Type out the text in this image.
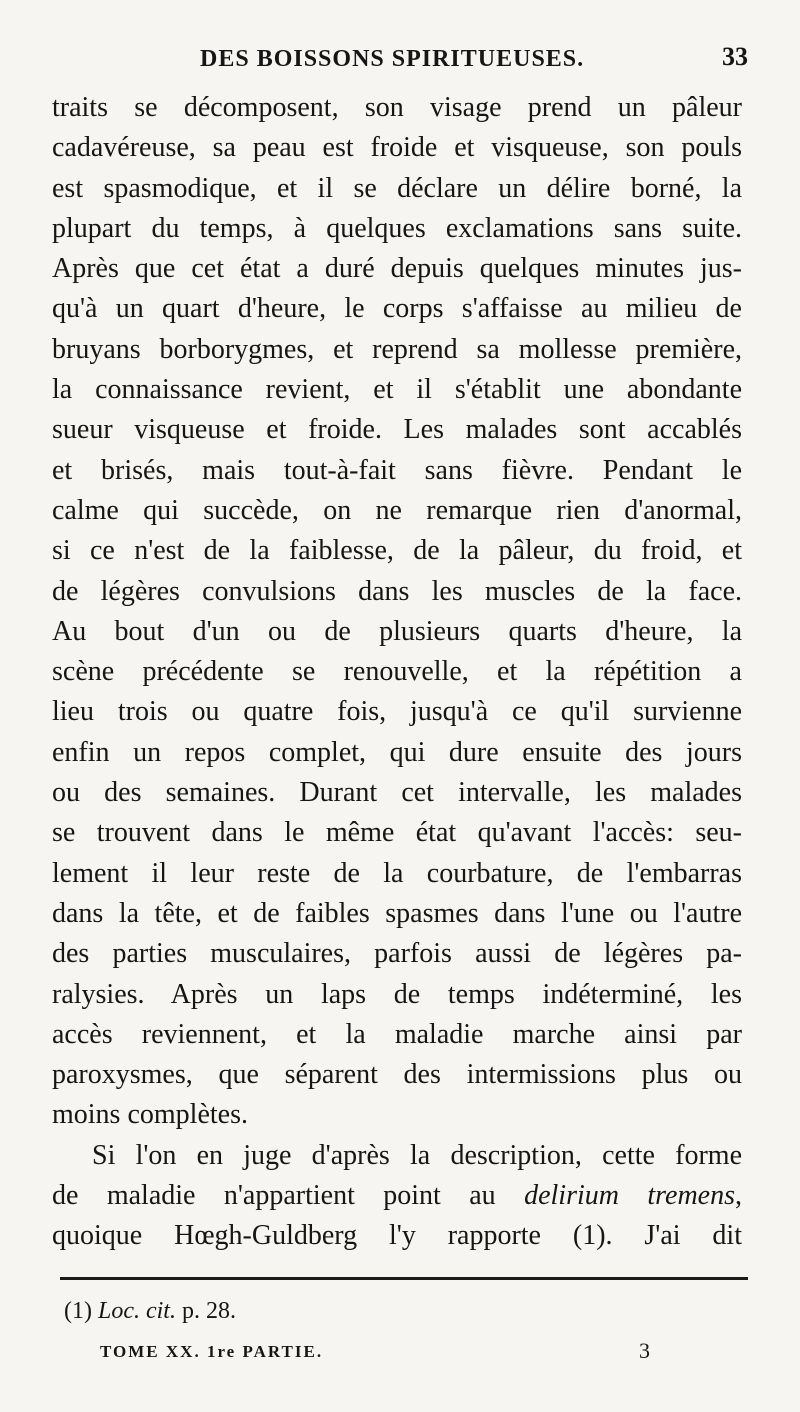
DES BOISSONS SPIRITUEUSES.	33
traits se décomposent, son visage prend un pâleur
cadavéreuse, sa peau est froide et visqueuse, son pouls
est spasmodique, et il se déclare un délire borné, la
plupart du temps, à quelques exclamations sans suite.
Après que cet état a duré depuis quelques minutes jus-
qu'à un quart d'heure, le corps s'affaisse au milieu de
bruyans borborygmes, et reprend sa mollesse première,
la connaissance revient, et il s'établit une abondante
sueur visqueuse et froide. Les malades sont accablés
et brisés, mais tout-à-fait sans fièvre. Pendant le
calme qui succède, on ne remarque rien d'anormal,
si ce n'est de la faiblesse, de la pâleur, du froid, et
de légères convulsions dans les muscles de la face.
Au bout d'un ou de plusieurs quarts d'heure, la
scène précédente se renouvelle, et la répétition a
lieu trois ou quatre fois, jusqu'à ce qu'il survienne
enfin un repos complet, qui dure ensuite des jours
ou des semaines. Durant cet intervalle, les malades
se trouvent dans le même état qu'avant l'accès: seu-
lement il leur reste de la courbature, de l'embarras
dans la tête, et de faibles spasmes dans l'une ou l'autre
des parties musculaires, parfois aussi de légères pa-
ralysies. Après un laps de temps indéterminé, les
accès reviennent, et la maladie marche ainsi par
paroxysmes, que séparent des intermissions plus ou
moins complètes.
Si l'on en juge d'après la description, cette forme
de maladie n'appartient point au delirium tremens,
quoique Hœgh-Guldberg l'y rapporte (1). J'ai dit
(1) Loc. cit. p. 28.
TOME XX. 1re PARTIE.	3
